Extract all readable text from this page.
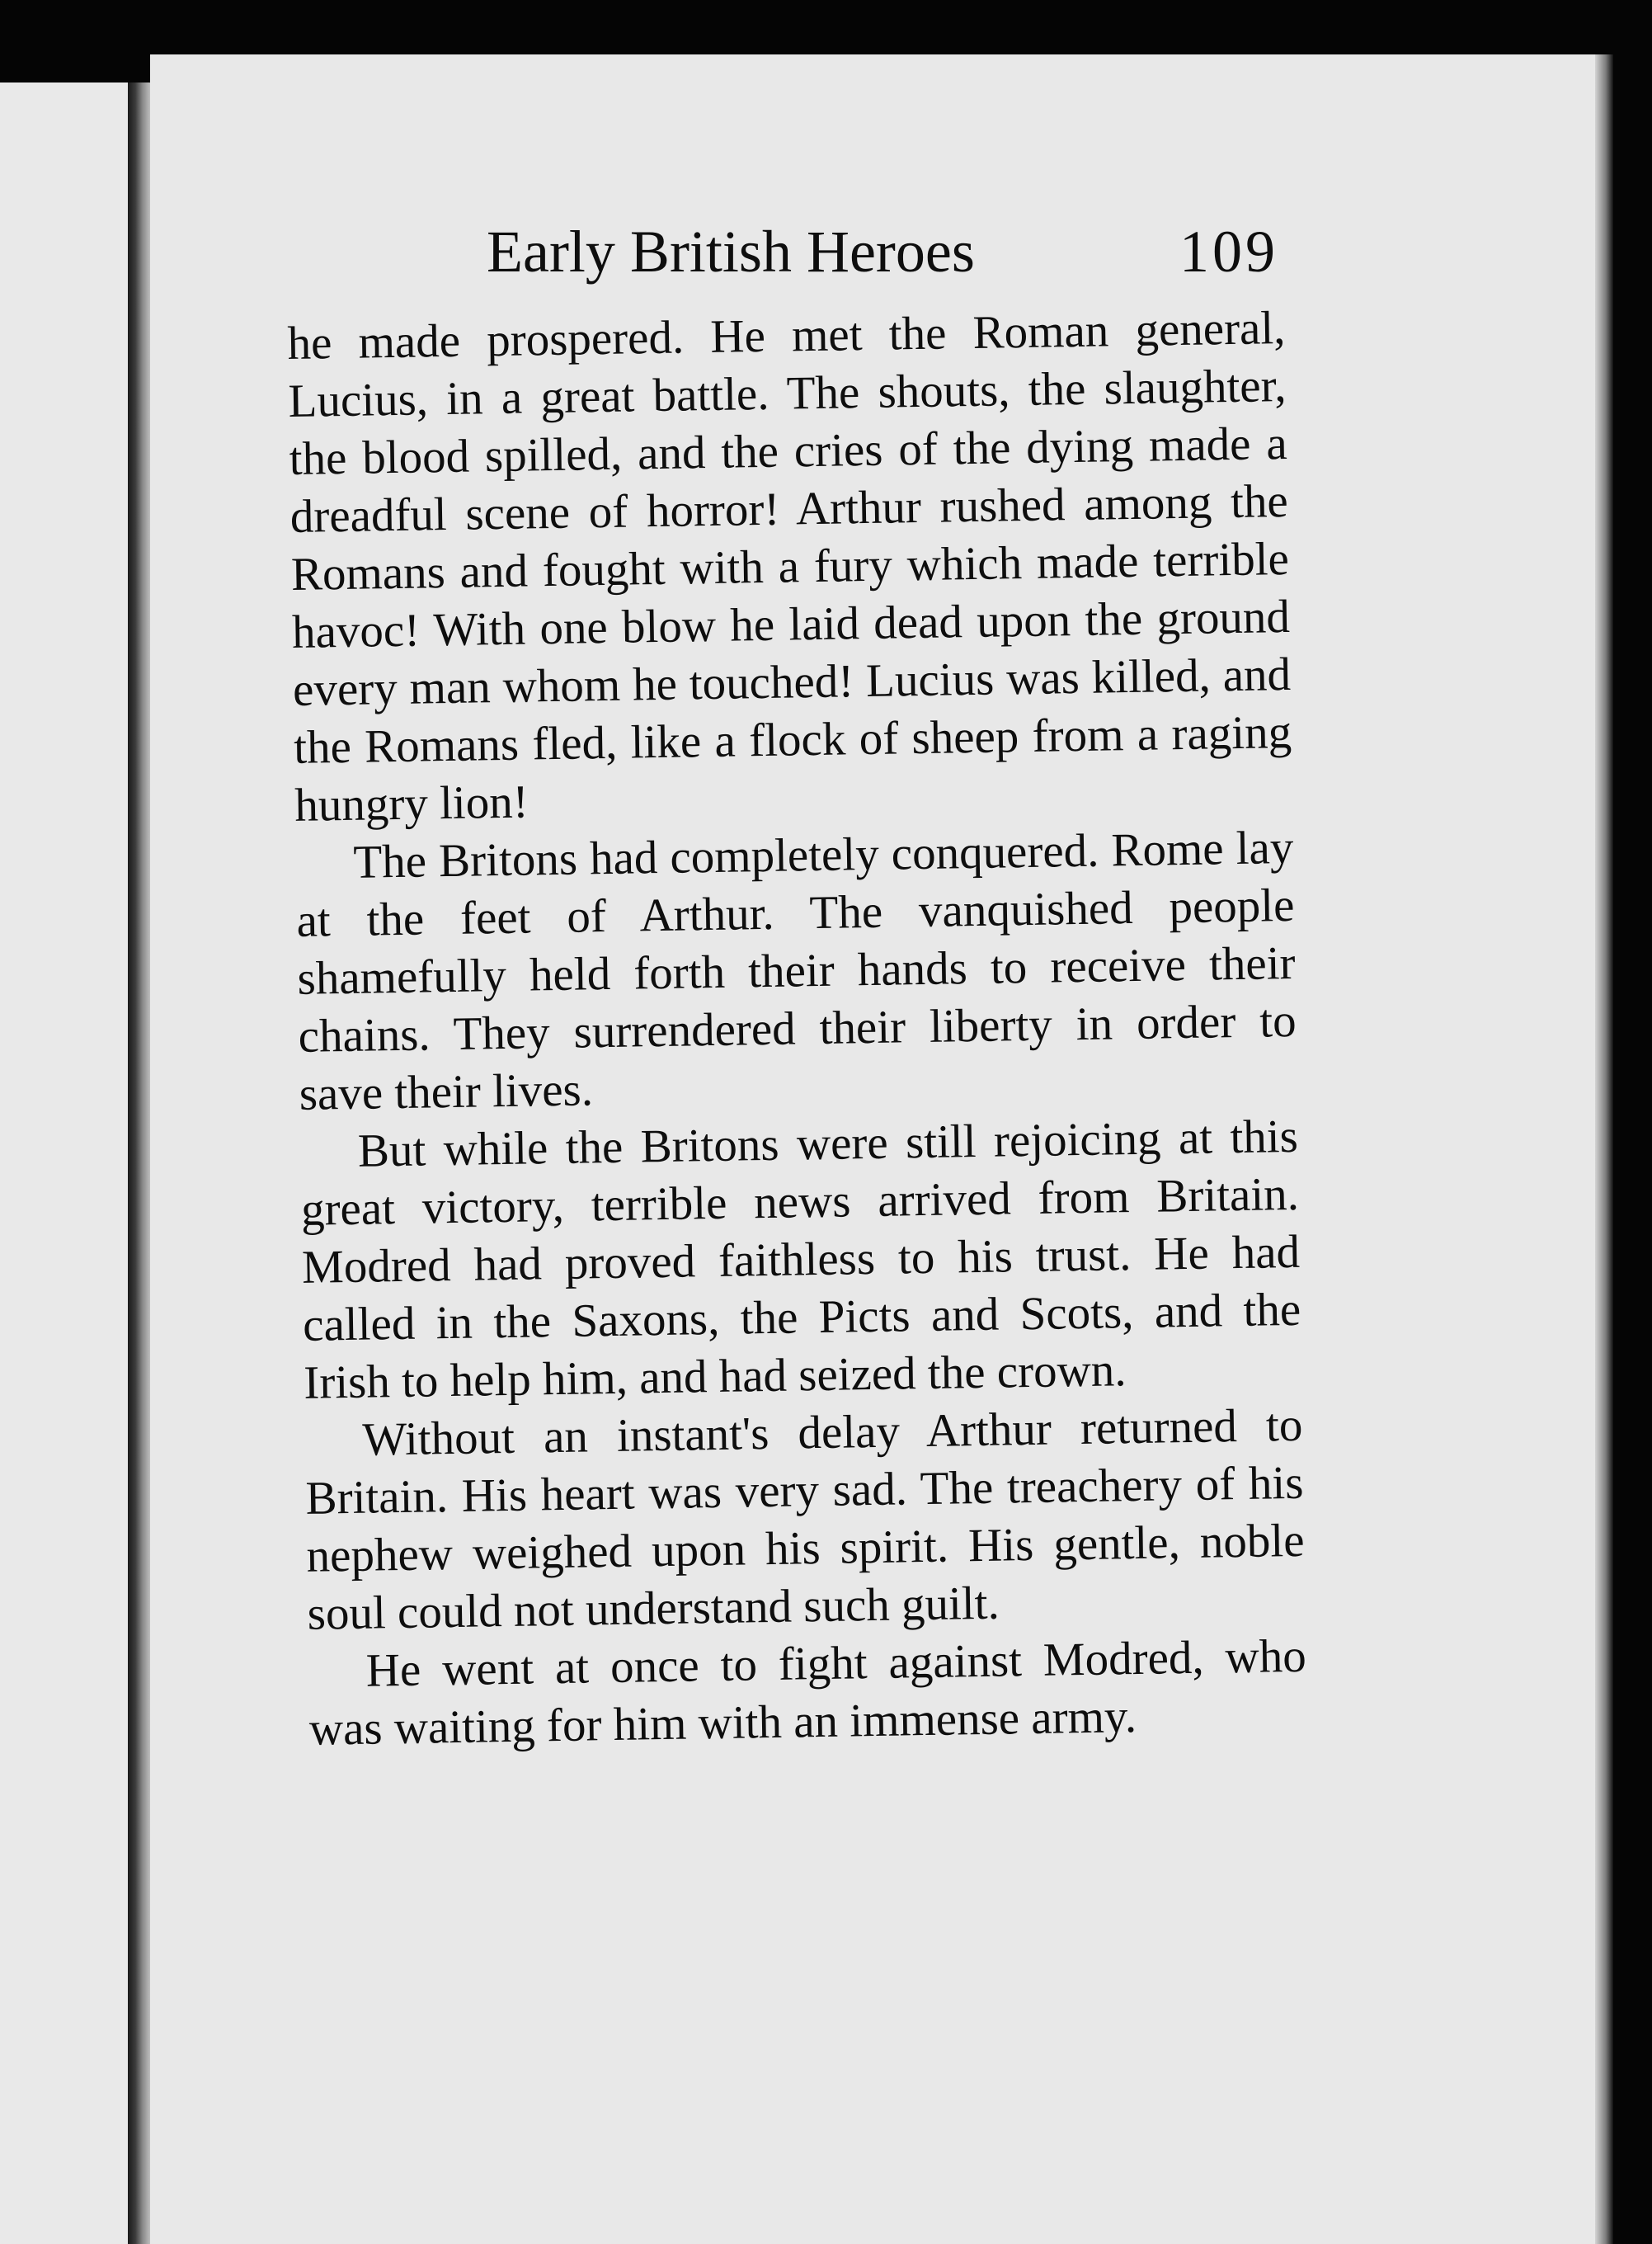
Early British Heroes	109

he made prospered. He met the Roman general, Lucius, in a great battle. The shouts, the slaughter, the blood spilled, and the cries of the dying made a dreadful scene of horror! Arthur rushed among the Romans and fought with a fury which made terrible havoc! With one blow he laid dead upon the ground every man whom he touched! Lucius was killed, and the Romans fled, like a flock of sheep from a raging hungry lion!

The Britons had completely conquered. Rome lay at the feet of Arthur. The vanquished people shamefully held forth their hands to receive their chains. They surrendered their liberty in order to save their lives.

But while the Britons were still rejoicing at this great victory, terrible news arrived from Britain. Modred had proved faithless to his trust. He had called in the Saxons, the Picts and Scots, and the Irish to help him, and had seized the crown.

Without an instant's delay Arthur returned to Britain. His heart was very sad. The treachery of his nephew weighed upon his spirit. His gentle, noble soul could not understand such guilt.

He went at once to fight against Modred, who was waiting for him with an immense army.
